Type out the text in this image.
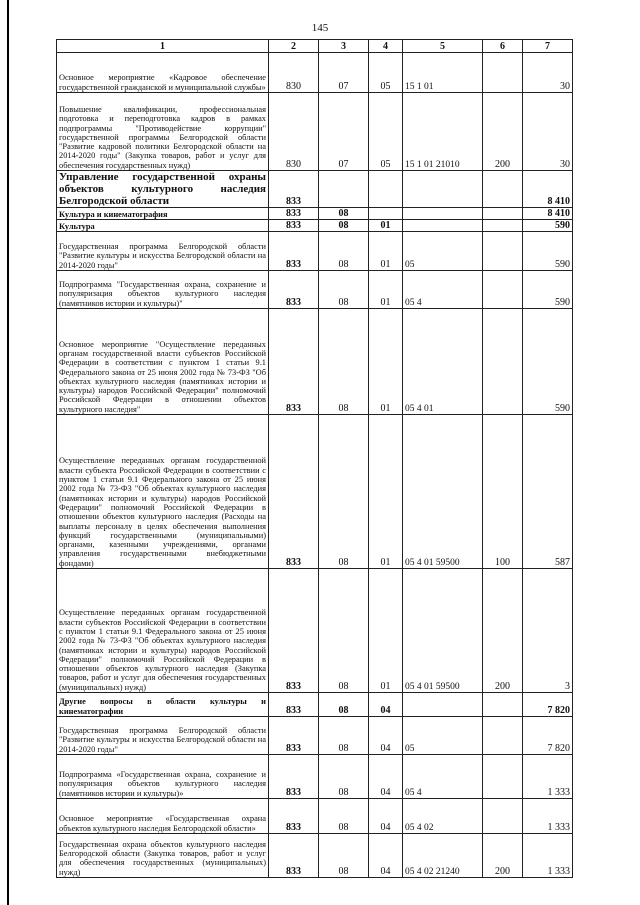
145
1	2	3	4	5	6	7
Основное мероприятие «Кадровое обеспечение государственной гражданской и муниципальной службы»	830	07	05	15 1 01		30
Повышение квалификации, профессиональная подготовка и переподготовка кадров в рамках подпрограммы "Противодействие коррупции" государственной программы Белгородской области "Развитие кадровой политики Белгородской области на 2014-2020 годы" (Закупка товаров, работ и услуг для обеспечения государственных нужд)	830	07	05	15 1 01 21010	200	30
Управление государственной охраны объектов культурного наследия Белгородской области	833					8 410
Культура и кинематография	833	08				8 410
Культура	833	08	01			590
Государственная программа Белгородской области "Развитие культуры и искусства Белгородской области на 2014-2020 годы"	833	08	01	05		590
Подпрограмма "Государственная охрана, сохранение и популяризация объектов культурного наследия (памятников истории и культуры)"	833	08	01	05 4		590
Основное мероприятие "Осуществление переданных органам государственной власти субъектов Российской Федерации в соответствии с пунктом 1 статьи 9.1 Федерального закона от 25 июня 2002 года № 73-ФЗ "Об объектах культурного наследия (памятниках истории и культуры) народов Российской Федерации" полномочий Российской Федерации в отношении объектов культурного наследия"	833	08	01	05 4 01		590
Осуществление переданных органам государственной власти субъекта Российской Федерации в соответствии с пунктом 1 статьи 9.1 Федерального закона от 25 июня 2002 года № 73-ФЗ "Об объектах культурного наследия (памятниках истории и культуры) народов Российской Федерации" полномочий Российской Федерации в отношении объектов культурного наследия (Расходы на выплаты персоналу в целях обеспечения выполнения функций государственными (муниципальными) органами, казенными учреждениями, органами управления государственными внебюджетными фондами)	833	08	01	05 4 01 59500	100	587
Осуществление переданных органам государственной власти субъектов Российской Федерации в соответствии с пунктом 1 статьи 9.1 Федерального закона от 25 июня 2002 года № 73-ФЗ "Об объектах культурного наследия (памятниках истории и культуры) народов Российской Федерации" полномочий Российской Федерации в отношении объектов культурного наследия (Закупка товаров, работ и услуг для обеспечения государственных (муниципальных) нужд)	833	08	01	05 4 01 59500	200	3
Другие вопросы в области культуры и кинематографии	833	08	04			7 820
Государственная программа Белгородской области "Развитие культуры и искусства Белгородской области на 2014-2020 годы"	833	08	04	05		7 820
Подпрограмма «Государственная охрана, сохранение и популяризация объектов культурного наследия (памятников истории и культуры)»	833	08	04	05 4		1 333
Основное мероприятие «Государственная охрана объектов культурного наследия Белгородской области»	833	08	04	05 4 02		1 333
Государственная охрана объектов культурного наследия Белгородской области (Закупка товаров, работ и услуг для обеспечения государственных (муниципальных) нужд)	833	08	04	05 4 02 21240	200	1 333
